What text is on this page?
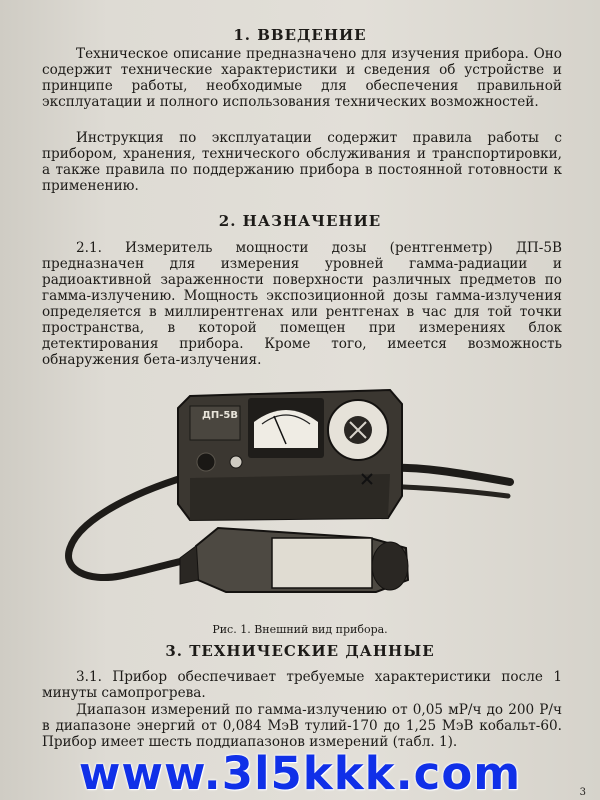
1. ВВЕДЕНИЕ

Техническое описание предназначено для изучения прибора. Оно содержит технические характеристики и сведения об устройстве и принципе работы, необходимые для обеспечения правильной эксплуатации и полного использования технических возможностей.

Инструкция по эксплуатации содержит правила работы с прибором, хранения, технического обслуживания и транспортировки, а также правила по поддержанию прибора в постоянной готовности к применению.

2. НАЗНАЧЕНИЕ

2.1. Измеритель мощности дозы (рентгенметр) ДП-5В предназначен для измерения уровней гамма-радиации и радиоактивной зараженности поверхности различных предметов по гамма-излучению. Мощность экспозиционной дозы гамма-излучения определяется в миллирентгенах или рентгенах в час для той точки пространства, в которой помещен при измерениях блок детектирования прибора. Кроме того, имеется возможность обнаружения бета-излучения.

ДП-5В
Рис. 1. Внешний вид прибора.
3. ТЕХНИЧЕСКИЕ ДАННЫЕ

3.1. Прибор обеспечивает требуемые характеристики после 1 минуты самопрогрева.

Диапазон измерений по гамма-излучению от 0,05 мР/ч до 200 Р/ч в диапазоне энергий от 0,084 МэВ тулий-170 до 1,25 МэВ кобальт-60. Прибор имеет шесть поддиапазонов измерений (табл. 1).

www.3l5kkk.com	3
